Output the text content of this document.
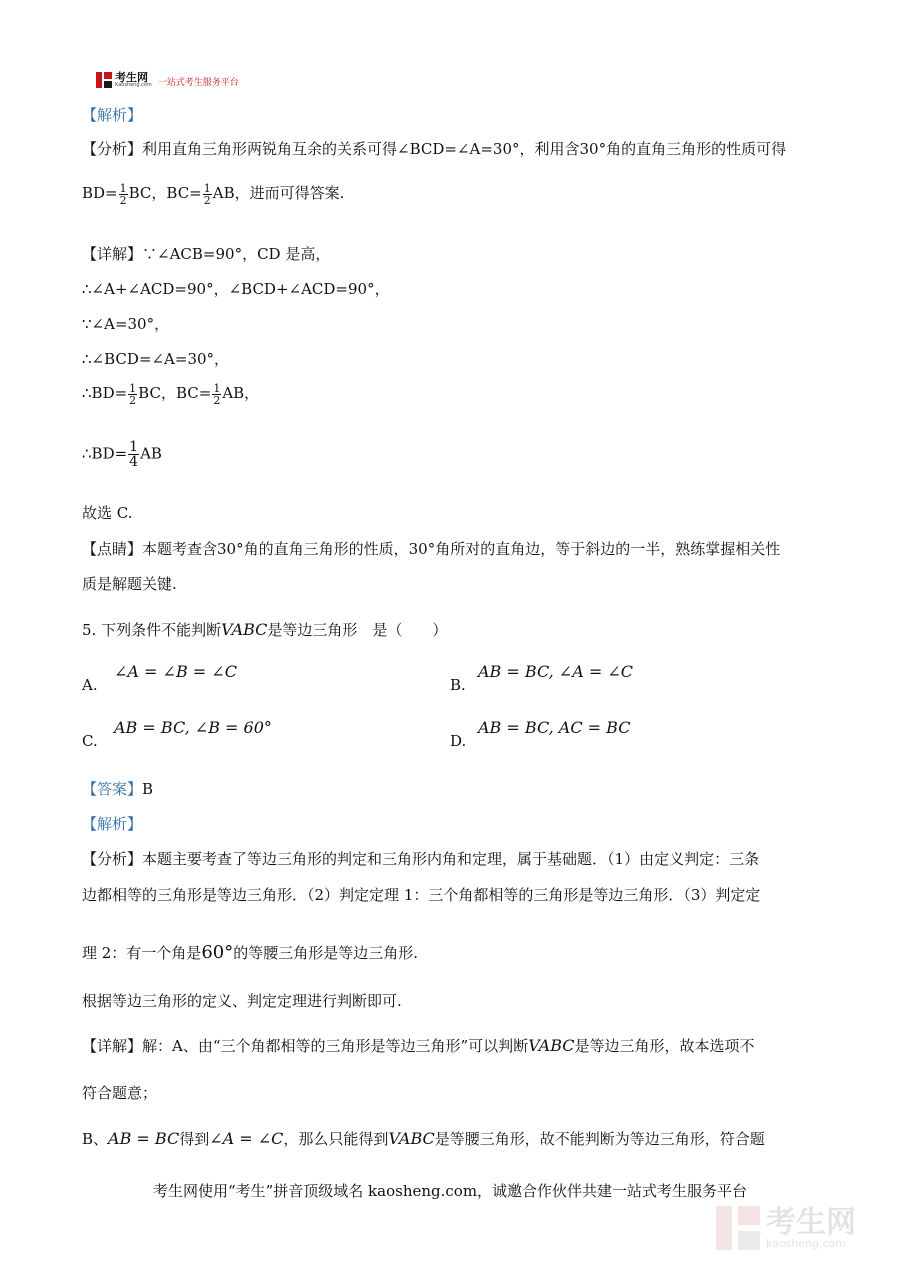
考生网
Kaosheng.com 一站式考生服务平台
【解析】
【分析】利用直角三角形两锐角互余的关系可得∠BCD=∠A=30°，利用含30°角的直角三角形的性质可得
$BD= \frac{1}{2}$ BC，$BC= \frac{1}{2}$ AB，进而可得答案.
【详解】∵∠ACB=90°，CD 是高，
∴∠A+∠ACD=90°，∠BCD+∠ACD=90°，
∵∠A=30°，
∴∠BCD=∠A=30°，
∴BD= $\frac{1}{2}$ BC，$BC= \frac{1}{2}$ AB，
∴BD= $\frac{1}{4}$ AB
故选 C.
【点睛】本题考查含30°角的直角三角形的性质，30°角所对的直角边，等于斜边的一半，熟练掌握相关性
质是解题关键.
5. 下列条件不能判断VABC是等边三角形　是（　　）
A.
∠A = ∠B = ∠C
B.
AB = BC, ∠A = ∠C
C.
AB = BC, ∠B = 60°
D.
AB = BC, AC = BC
【答案】B
【解析】
【分析】本题主要考查了等边三角形的判定和三角形内角和定理，属于基础题．（1）由定义判定：三条
边都相等的三角形是等边三角形．（2）判定定理 1：三个角都相等的三角形是等边三角形．（3）判定定
理 2：有一个角是60°的等腰三角形是等边三角形.
根据等边三角形的定义、判定定理进行判断即可.
【详解】解：A、由“三个角都相等的三角形是等边三角形”可以判断VABC是等边三角形，故本选项不
符合题意；
B、AB = BC得到∠A = ∠C，那么只能得到VABC是等腰三角形，故不能判断为等边三角形，符合题
考生网使用“考生”拼音顶级域名 kaosheng.com，诚邀合作伙伴共建一站式考生服务平台
考生网
kaosheng.com
